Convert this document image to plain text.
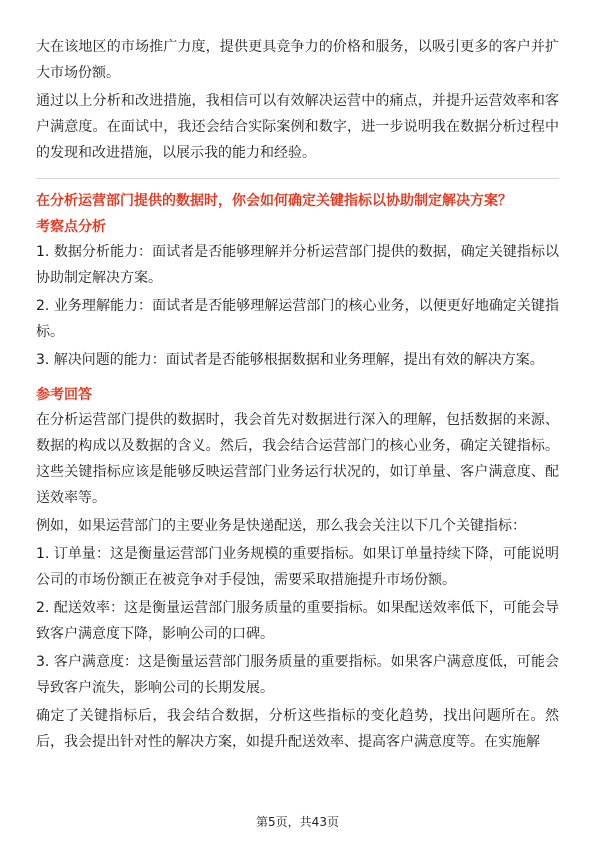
大在该地区的市场推广力度，提供更具竞争力的价格和服务，以吸引更多的客户并扩大市场份额。

通过以上分析和改进措施，我相信可以有效解决运营中的痛点，并提升运营效率和客户满意度。在面试中，我还会结合实际案例和数字，进一步说明我在数据分析过程中的发现和改进措施，以展示我的能力和经验。

在分析运营部门提供的数据时，你会如何确定关键指标以协助制定解决方案？

考察点分析

1. 数据分析能力：面试者是否能够理解并分析运营部门提供的数据，确定关键指标以协助制定解决方案。

2. 业务理解能力：面试者是否能够理解运营部门的核心业务，以便更好地确定关键指标。

3. 解决问题的能力：面试者是否能够根据数据和业务理解，提出有效的解决方案。

参考回答

在分析运营部门提供的数据时，我会首先对数据进行深入的理解，包括数据的来源、数据的构成以及数据的含义。然后，我会结合运营部门的核心业务，确定关键指标。这些关键指标应该是能够反映运营部门业务运行状况的，如订单量、客户满意度、配送效率等。

例如，如果运营部门的主要业务是快递配送，那么我会关注以下几个关键指标：

1. 订单量：这是衡量运营部门业务规模的重要指标。如果订单量持续下降，可能说明公司的市场份额正在被竞争对手侵蚀，需要采取措施提升市场份额。

2. 配送效率：这是衡量运营部门服务质量的重要指标。如果配送效率低下，可能会导致客户满意度下降，影响公司的口碑。

3. 客户满意度：这是衡量运营部门服务质量的重要指标。如果客户满意度低，可能会导致客户流失，影响公司的长期发展。

确定了关键指标后，我会结合数据，分析这些指标的变化趋势，找出问题所在。然后，我会提出针对性的解决方案，如提升配送效率、提高客户满意度等。在实施解

第5页，共43页
